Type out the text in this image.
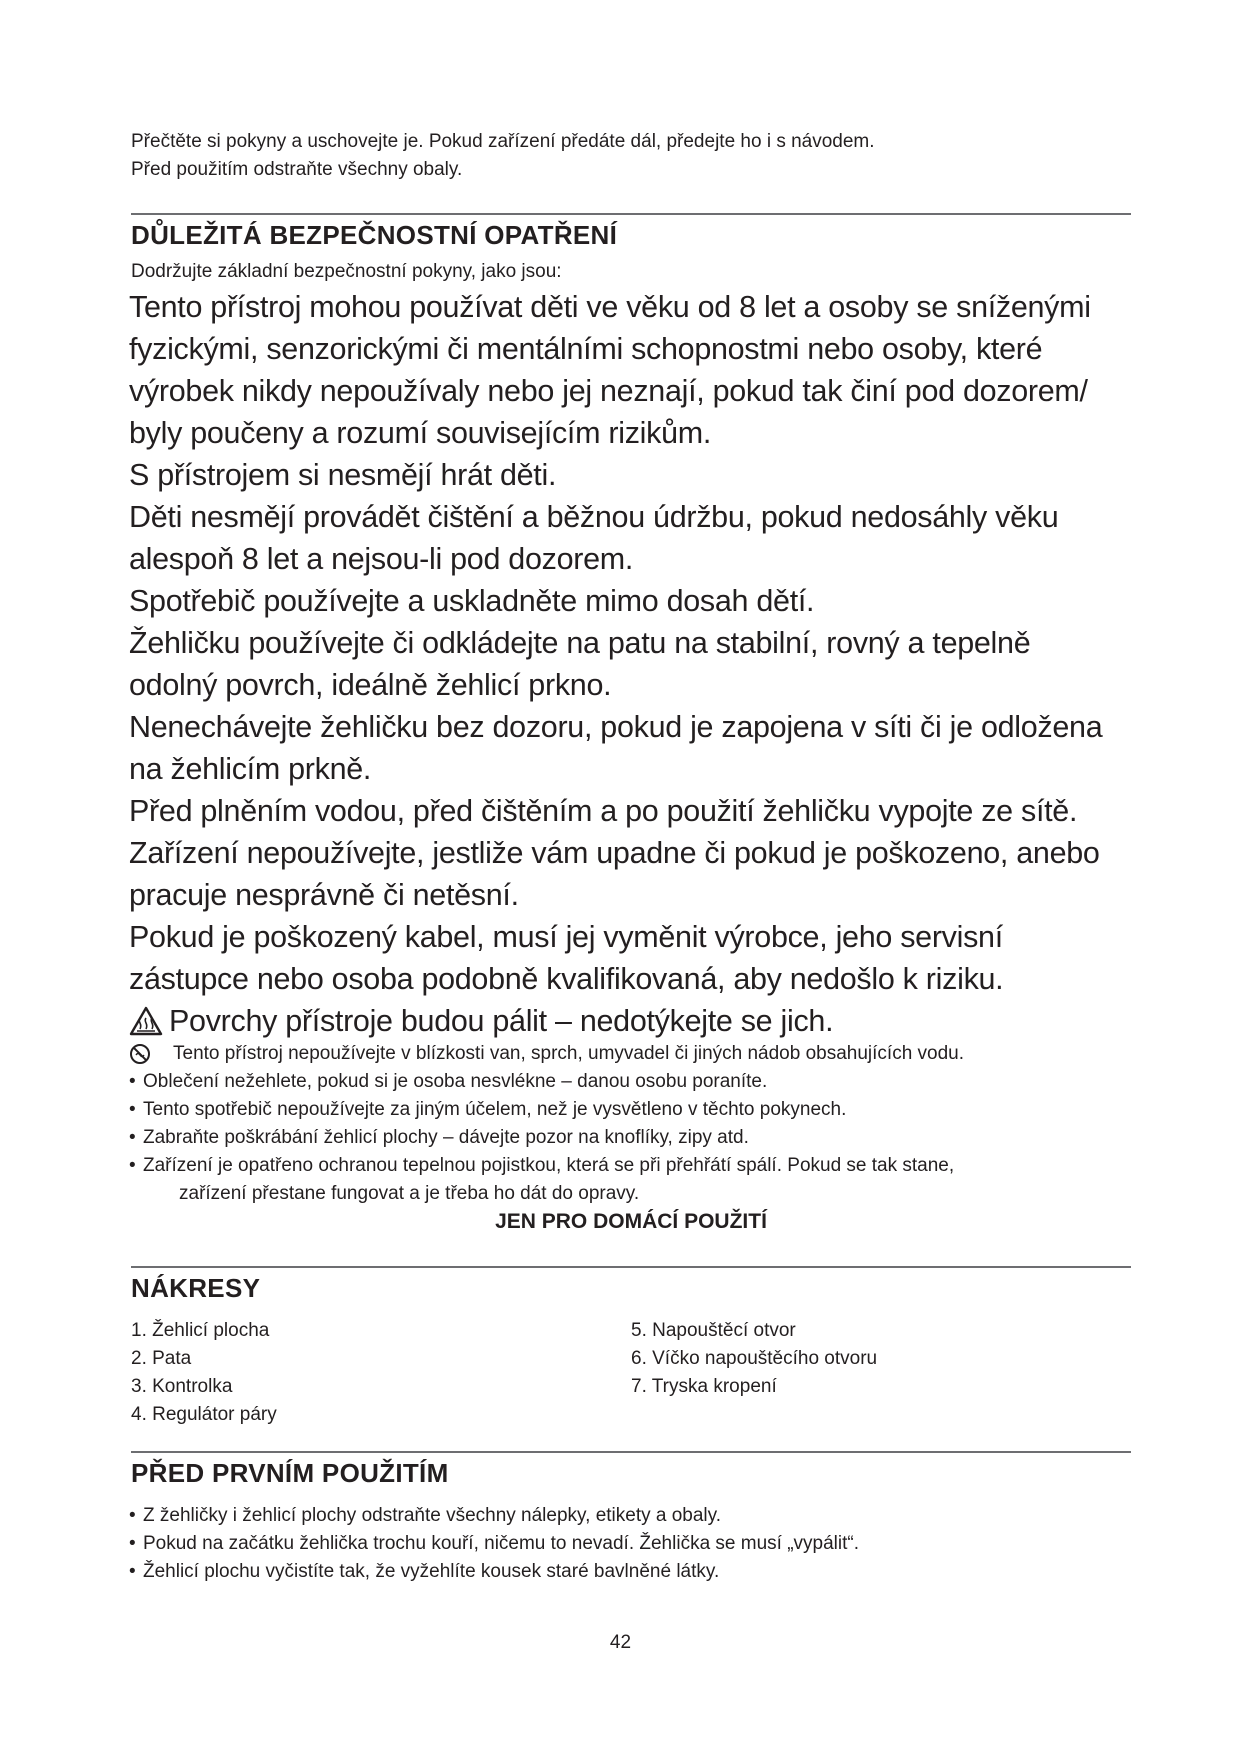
Přečtěte si pokyny a uschovejte je. Pokud zařízení předáte dál, předejte ho i s návodem.

Před použitím odstraňte všechny obaly.

DŮLEŽITÁ BEZPEČNOSTNÍ OPATŘENÍ

Dodržujte základní bezpečnostní pokyny, jako jsou:

Tento přístroj mohou používat děti ve věku od 8 let a osoby se sníženými

fyzickými, senzorickými či mentálními schopnostmi nebo osoby, které

výrobek nikdy nepoužívaly nebo jej neznají, pokud tak činí pod dozorem/

byly poučeny a rozumí souvisejícím rizikům.

S přístrojem si nesmějí hrát děti.

Děti nesmějí provádět čištění a běžnou údržbu, pokud nedosáhly věku

alespoň 8 let a nejsou-li pod dozorem.

Spotřebič používejte a uskladněte mimo dosah dětí.

Žehličku používejte či odkládejte na patu na stabilní, rovný a tepelně

odolný povrch, ideálně žehlicí prkno.

Nenechávejte žehličku bez dozoru, pokud je zapojena v síti či je odložena

na žehlicím prkně.

Před plněním vodou, před čištěním a po použití žehličku vypojte ze sítě.

Zařízení nepoužívejte, jestliže vám upadne či pokud je poškozeno, anebo

pracuje nesprávně či netěsní.

Pokud je poškozený kabel, musí jej vyměnit výrobce, jeho servisní

zástupce nebo osoba podobně kvalifikovaná, aby nedošlo k riziku.

Povrchy přístroje budou pálit – nedotýkejte se jich.
Tento přístroj nepoužívejte v blízkosti van, sprch, umyvadel či jiných nádob obsahujících vodu.
• Oblečení nežehlete, pokud si je osoba nesvlékne – danou osobu poraníte.
• Tento spotřebič nepoužívejte za jiným účelem, než je vysvětleno v těchto pokynech.
• Zabraňte poškrábání žehlicí plochy – dávejte pozor na knoflíky, zipy atd.
• Zařízení je opatřeno ochranou tepelnou pojistkou, která se při přehřátí spálí. Pokud se tak stane,
zařízení přestane fungovat a je třeba ho dát do opravy.

JEN PRO DOMÁCÍ POUŽITÍ

NÁKRESY

1. Žehlicí plocha

2. Pata

3. Kontrolka

4. Regulátor páry

5. Napouštěcí otvor

6. Víčko napouštěcího otvoru

7. Tryska kropení

PŘED PRVNÍM POUŽITÍM
• Z žehličky i žehlicí plochy odstraňte všechny nálepky, etikety a obaly.
• Pokud na začátku žehlička trochu kouří, ničemu to nevadí. Žehlička se musí „vypálit“.
• Žehlicí plochu vyčistíte tak, že vyžehlíte kousek staré bavlněné látky.

42
